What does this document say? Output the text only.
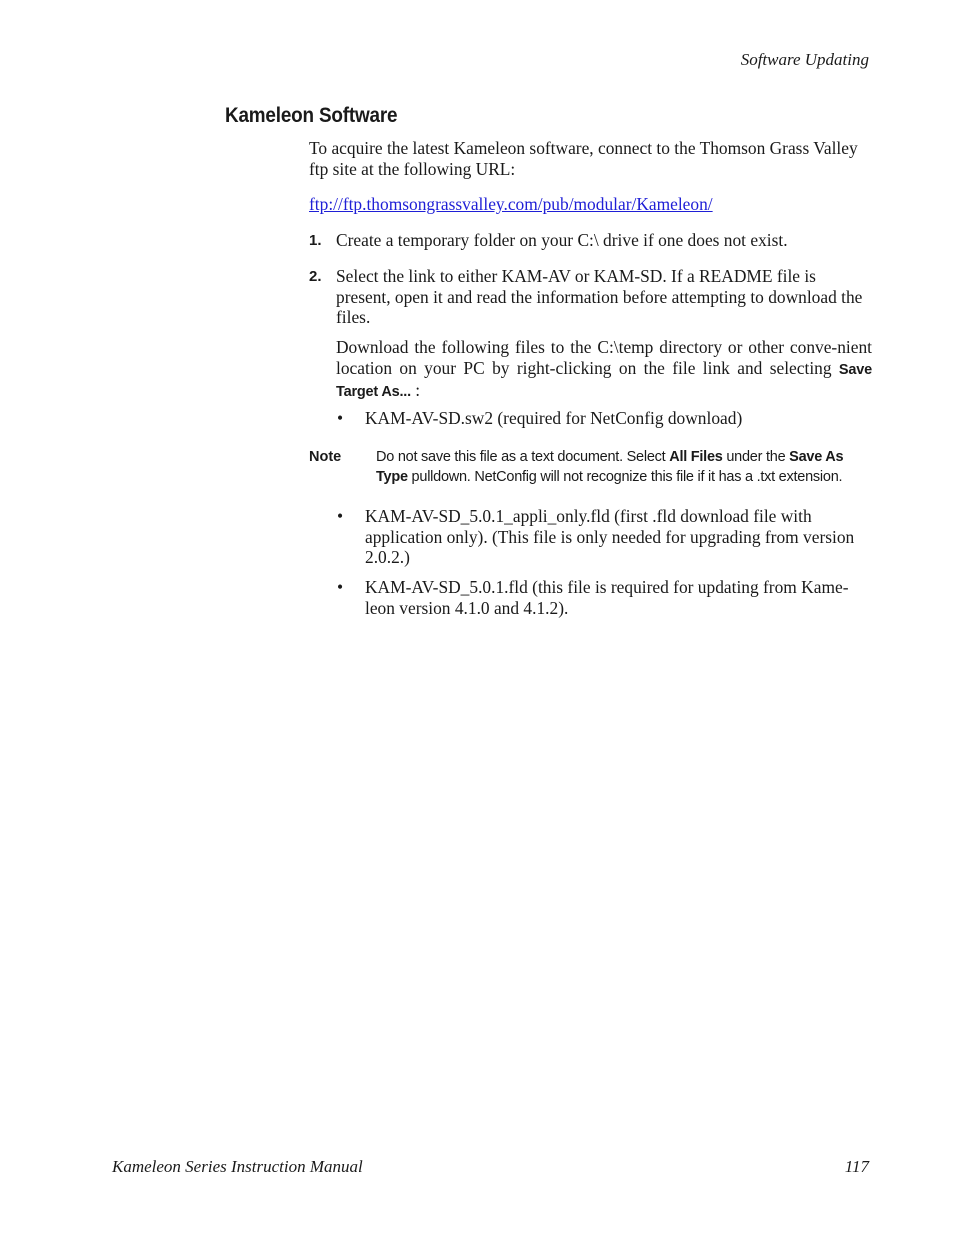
Software Updating
Kameleon Software
To acquire the latest Kameleon software, connect to the Thomson Grass Valley ftp site at the following URL:
ftp://ftp.thomsongrassvalley.com/pub/modular/Kameleon/
1. Create a temporary folder on your C:\ drive if one does not exist.
2. Select the link to either KAM-AV or KAM-SD. If a README file is present, open it and read the information before attempting to download the files.
Download the following files to the C:\temp directory or other conve-nient location on your PC by right-clicking on the file link and selecting Save Target As... :
• KAM-AV-SD.sw2 (required for NetConfig download)
Note Do not save this file as a text document. Select All Files under the Save As Type pulldown. NetConfig will not recognize this file if it has a .txt extension.
• KAM-AV-SD_5.0.1_appli_only.fld (first .fld download file with application only). (This file is only needed for upgrading from version 2.0.2.)
• KAM-AV-SD_5.0.1.fld (this file is required for updating from Kame-leon version 4.1.0 and 4.1.2).
Kameleon Series Instruction Manual	117
